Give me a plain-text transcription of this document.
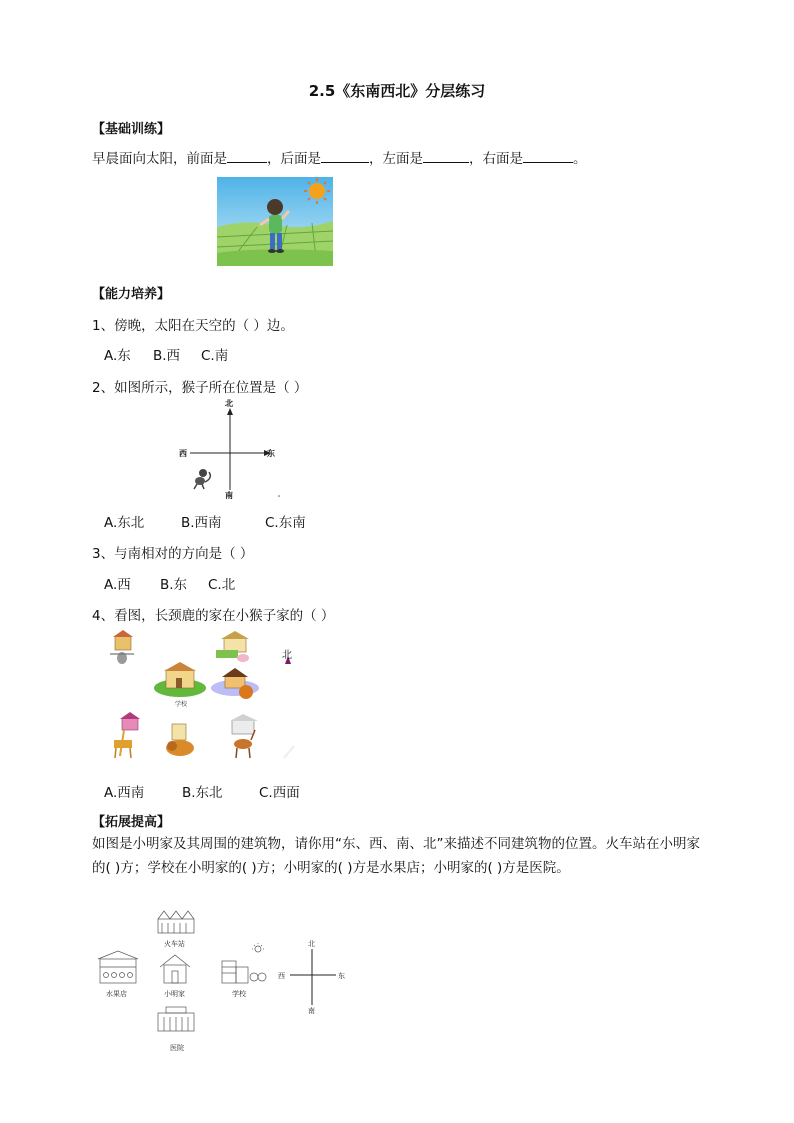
2.5《东南西北》分层练习
【基础训练】
早晨面向太阳，前面是	，后面是	，左面是	，右面是	。
【能力培养】
1、傍晚，太阳在天空的（ ）边。
A.东 B.西 C.南
2、如图所示，猴子所在位置是（ ）
北
南
西	东
A.东北	B.西南	C.东南
3、与南相对的方向是（ ）
A.西 B.东 C.北
4、看图，长颈鹿的家在小猴子家的（ ）
北
学校
A.西南	B.东北	C.西面
【拓展提高】
如图是小明家及其周围的建筑物，请你用“东、西、南、北”来描述不同建筑物的位置。火车站在小明家的( )方；学校在小明家的( )方；小明家的( )方是水果店；小明家的( )方是医院。
火车站
水果店	小明家	学校
医院
北
南
西	东
